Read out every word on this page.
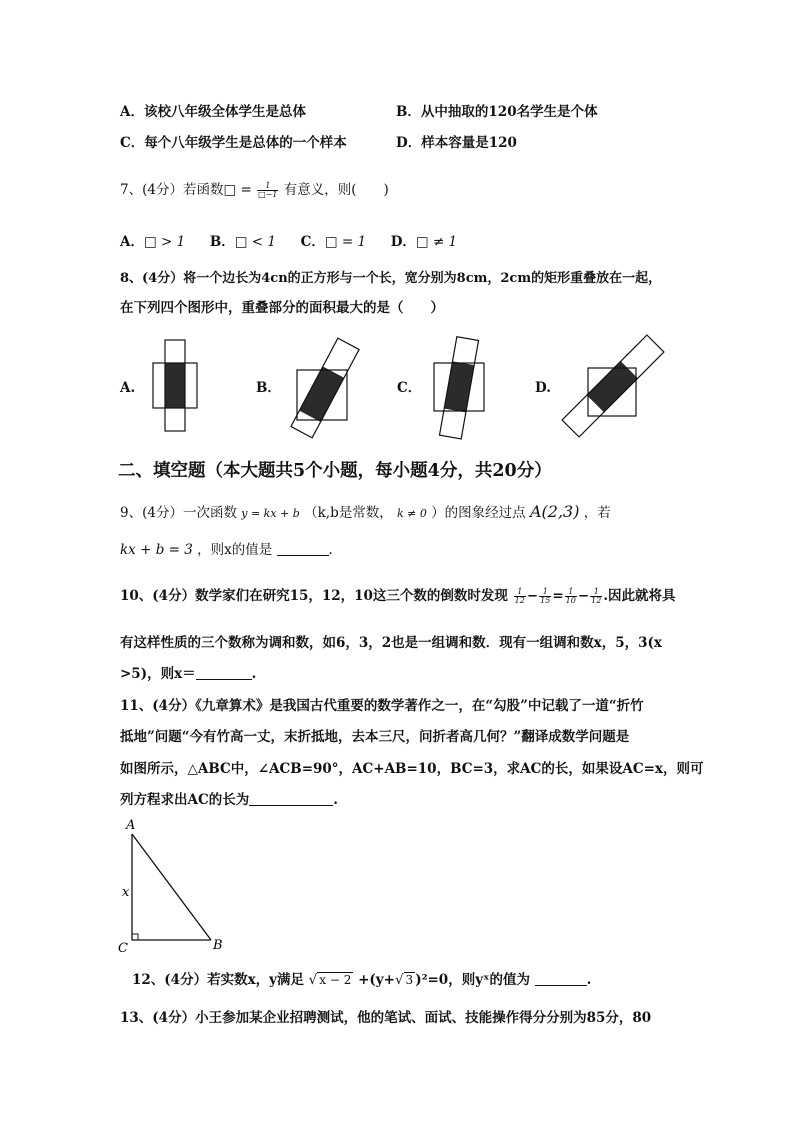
A．该校八年级全体学生是总体	B．从中抽取的120名学生是个体
C．每个八年级学生是总体的一个样本	D．样本容量是120
7、(4分）若函数□ = $\frac{1}{□-1}$ 有意义，则(　　)
A．□ > 1 B．□ < 1 C．□ = 1 D．□ ≠ 1
8、(4分）将一个边长为4cn的正方形与一个长，宽分别为8cm，2cm的矩形重叠放在一起，
在下列四个图形中，重叠部分的面积最大的是（　　）
A.	B．	C．	D.
二、填空题（本大题共5个小题，每小题4分，共20分）
9、(4分）一次函数 y = kx + b （k,b是常数， k ≠ 0 ）的图象经过点 A(2,3) ，若
kx + b = 3 ，则x的值是	.
10、(4分）数学家们在研究15，12，10这三个数的倒数时发现 $\frac{1}{12} - \frac{1}{15} = \frac{1}{10} - \frac{1}{12}$ .因此就将具
有这样性质的三个数称为调和数，如6，3，2也是一组调和数．现有一组调和数x，5，3(x
>5)，则x＝	.
11、(4分）《九章算术》是我国古代重要的数学著作之一，在“勾股”中记载了一道“折竹
抵地”问题“今有竹高一丈，末折抵地，去本三尺，问折者高几何？”翻译成数学问题是
如图所示，△ABC中，∠ACB=90°，AC+AB=10，BC=3，求AC的长，如果设AC=x，则可
列方程求出AC的长为	.
A
B
C
x
12、(4分）若实数x，y满足 √ x − 2 +(y+√ 3 )²=0，则yˣ的值为	.
13、(4分）小王参加某企业招聘测试，他的笔试、面试、技能操作得分分别为85分，80
